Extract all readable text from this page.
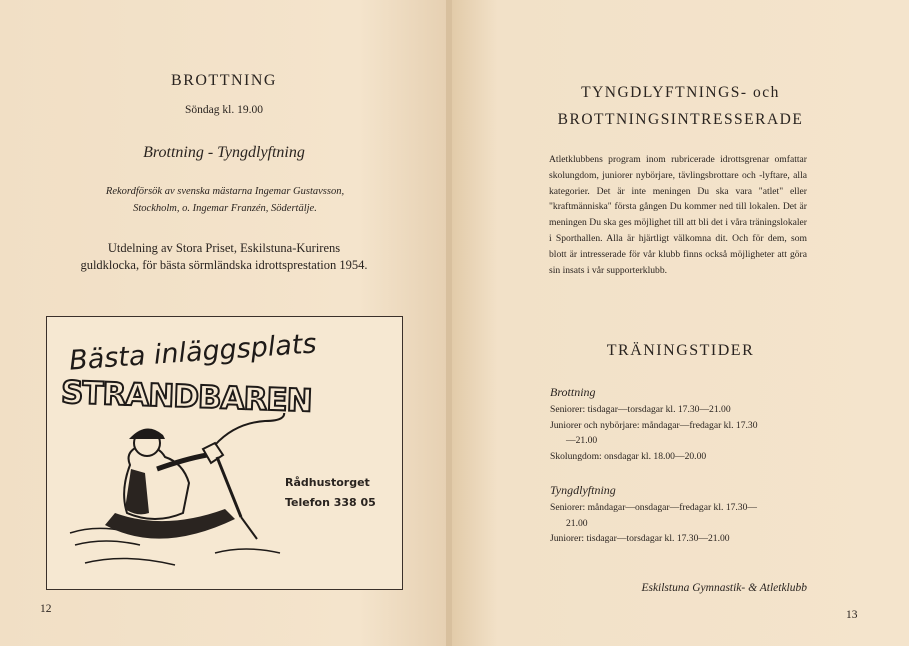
BROTTNING
Söndag kl. 19.00
Brottning - Tyngdlyftning
Rekordförsök av svenska mästarna Ingemar Gustavsson, Stockholm, o. Ingemar Franzén, Södertälje.
Utdelning av Stora Priset, Eskilstuna-Kurirens guldklocka, för bästa sörmländska idrottsprestation 1954.
Bästa inläggsplats
STRANDBAREN
Rådhustorget
Telefon 338 05
12
TYNGDLYFTNINGS- och
BROTTNINGSINTRESSERADE
Atletklubbens program inom rubricerade idrottsgrenar omfattar skolungdom, juniorer nybörjare, tävlingsbrottare och -lyftare, alla kategorier. Det är inte meningen Du ska vara "atlet" eller "kraftmänniska" första gången Du kommer ned till lokalen. Det är meningen Du ska ges möjlighet till att bli det i våra träningslokaler i Sporthallen. Alla är hjärtligt välkomna dit. Och för dem, som blott är intresserade för vår klubb finns också möjligheter att göra sin insats i vår supporterklubb.
TRÄNINGSTIDER
Brottning
Seniorer: tisdagar—torsdagar kl. 17.30—21.00
Juniorer och nybörjare: måndagar—fredagar kl. 17.30
—21.00
Skolungdom: onsdagar kl. 18.00—20.00
Tyngdlyftning
Seniorer: måndagar—onsdagar—fredagar kl. 17.30—
21.00
Juniorer: tisdagar—torsdagar kl. 17.30—21.00
Eskilstuna Gymnastik- & Atletklubb
13
